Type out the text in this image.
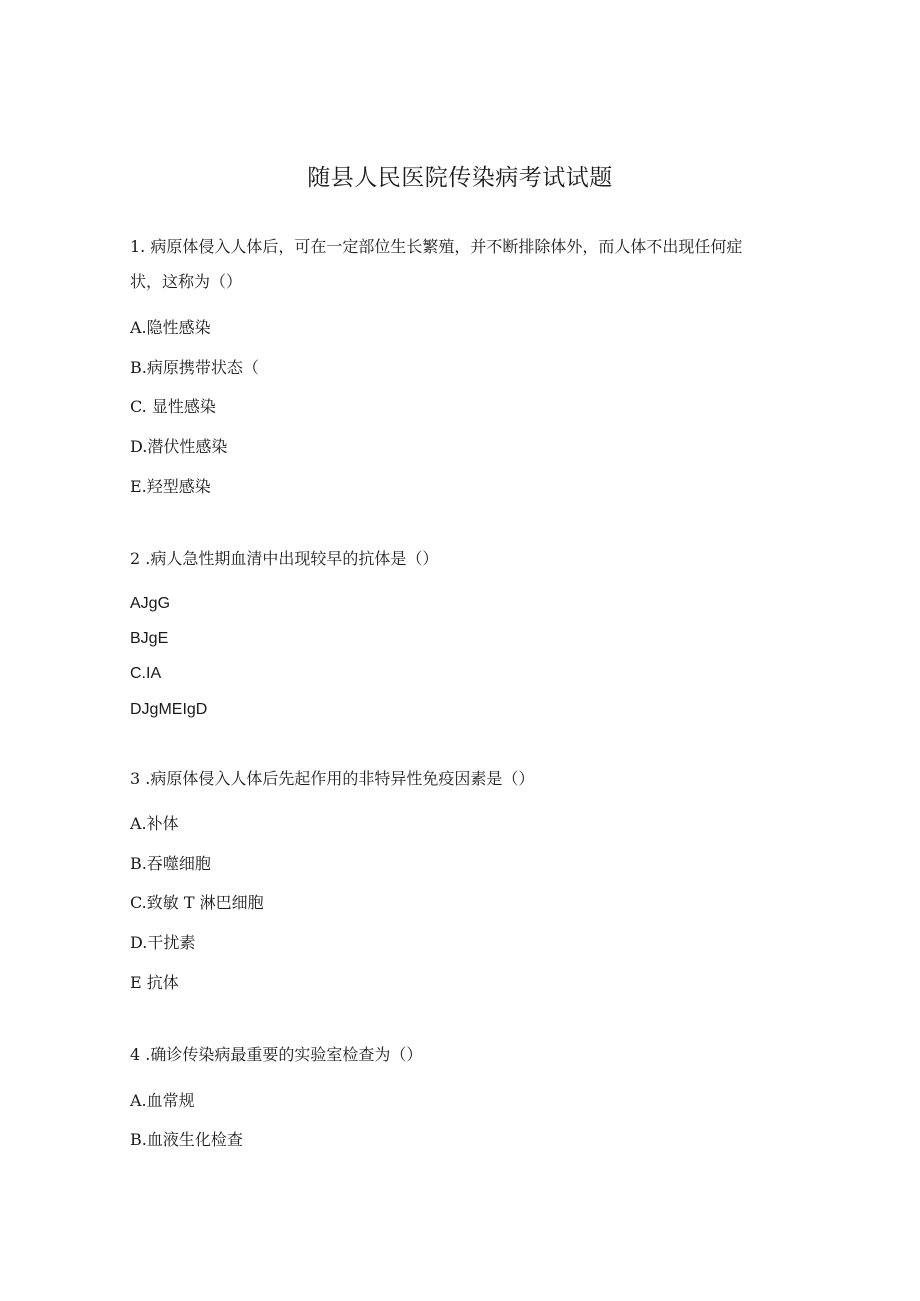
随县人民医院传染病考试试题

1. 病原体侵入人体后，可在一定部位生长繁殖，并不断排除体外，而人体不出现任何症

状，这称为（）

A.隐性感染

B.病原携带状态（

C. 显性感染

D.潜伏性感染

E.羟型感染

2 .病人急性期血清中出现较早的抗体是（）

AJgG

BJgE

C.IA

DJgMEIgD

3 .病原体侵入人体后先起作用的非特异性免疫因素是（）

A.补体

B.吞噬细胞

C.致敏 T 淋巴细胞

D.干扰素

E 抗体

4 .确诊传染病最重要的实验室检查为（）

A.血常规

B.血液生化检查
